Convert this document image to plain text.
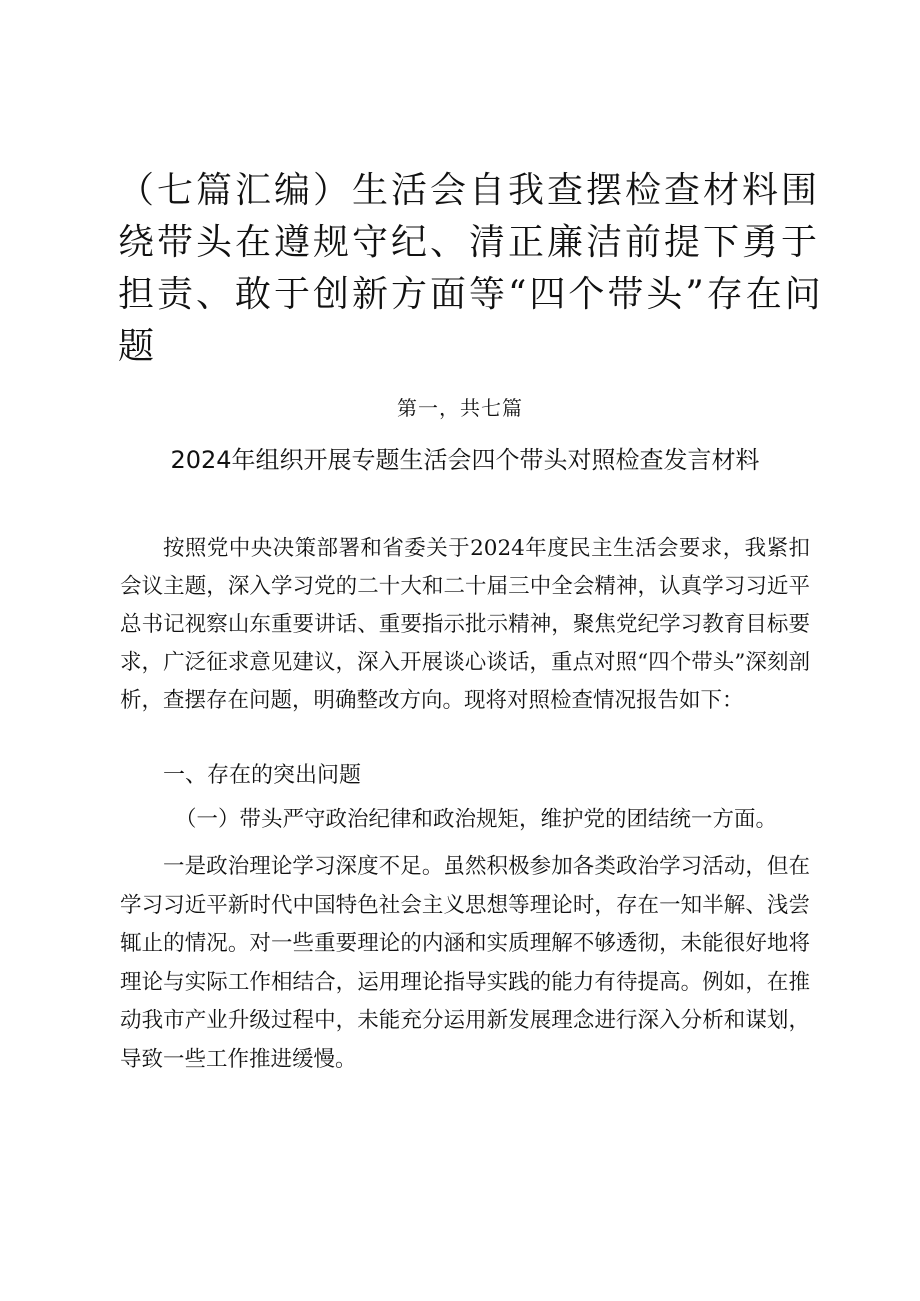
（七篇汇编）生活会自我查摆检查材料围绕带头在遵规守纪、清正廉洁前提下勇于担责、敢于创新方面等“四个带头”存在问题
第一，共七篇
2024年组织开展专题生活会四个带头对照检查发言材料

按照党中央决策部署和省委关于2024年度民主生活会要求，我紧扣会议主题，深入学习党的二十大和二十届三中全会精神，认真学习习近平总书记视察山东重要讲话、重要指示批示精神，聚焦党纪学习教育目标要求，广泛征求意见建议，深入开展谈心谈话，重点对照“四个带头”深刻剖析，查摆存在问题，明确整改方向。现将对照检查情况报告如下：

一、存在的突出问题

（一）带头严守政治纪律和政治规矩，维护党的团结统一方面。

一是政治理论学习深度不足。虽然积极参加各类政治学习活动，但在学习习近平新时代中国特色社会主义思想等理论时，存在一知半解、浅尝辄止的情况。对一些重要理论的内涵和实质理解不够透彻，未能很好地将理论与实际工作相结合，运用理论指导实践的能力有待提高。例如，在推动我市产业升级过程中，未能充分运用新发展理念进行深入分析和谋划，导致一些工作推进缓慢。
